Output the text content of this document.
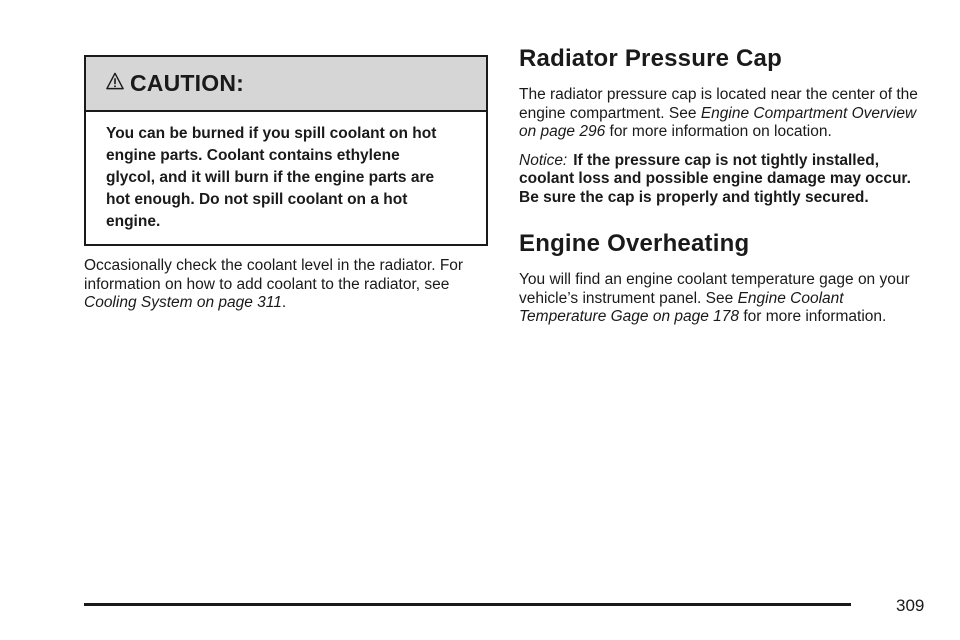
CAUTION:
You can be burned if you spill coolant on hot engine parts. Coolant contains ethylene glycol, and it will burn if the engine parts are hot enough. Do not spill coolant on a hot engine.
Occasionally check the coolant level in the radiator. For information on how to add coolant to the radiator, see Cooling System on page 311.
Radiator Pressure Cap

The radiator pressure cap is located near the center of the engine compartment. See Engine Compartment Overview on page 296 for more information on location.

Notice: If the pressure cap is not tightly installed, coolant loss and possible engine damage may occur. Be sure the cap is properly and tightly secured.

Engine Overheating

You will find an engine coolant temperature gage on your vehicle’s instrument panel. See Engine Coolant Temperature Gage on page 178 for more information.

309
